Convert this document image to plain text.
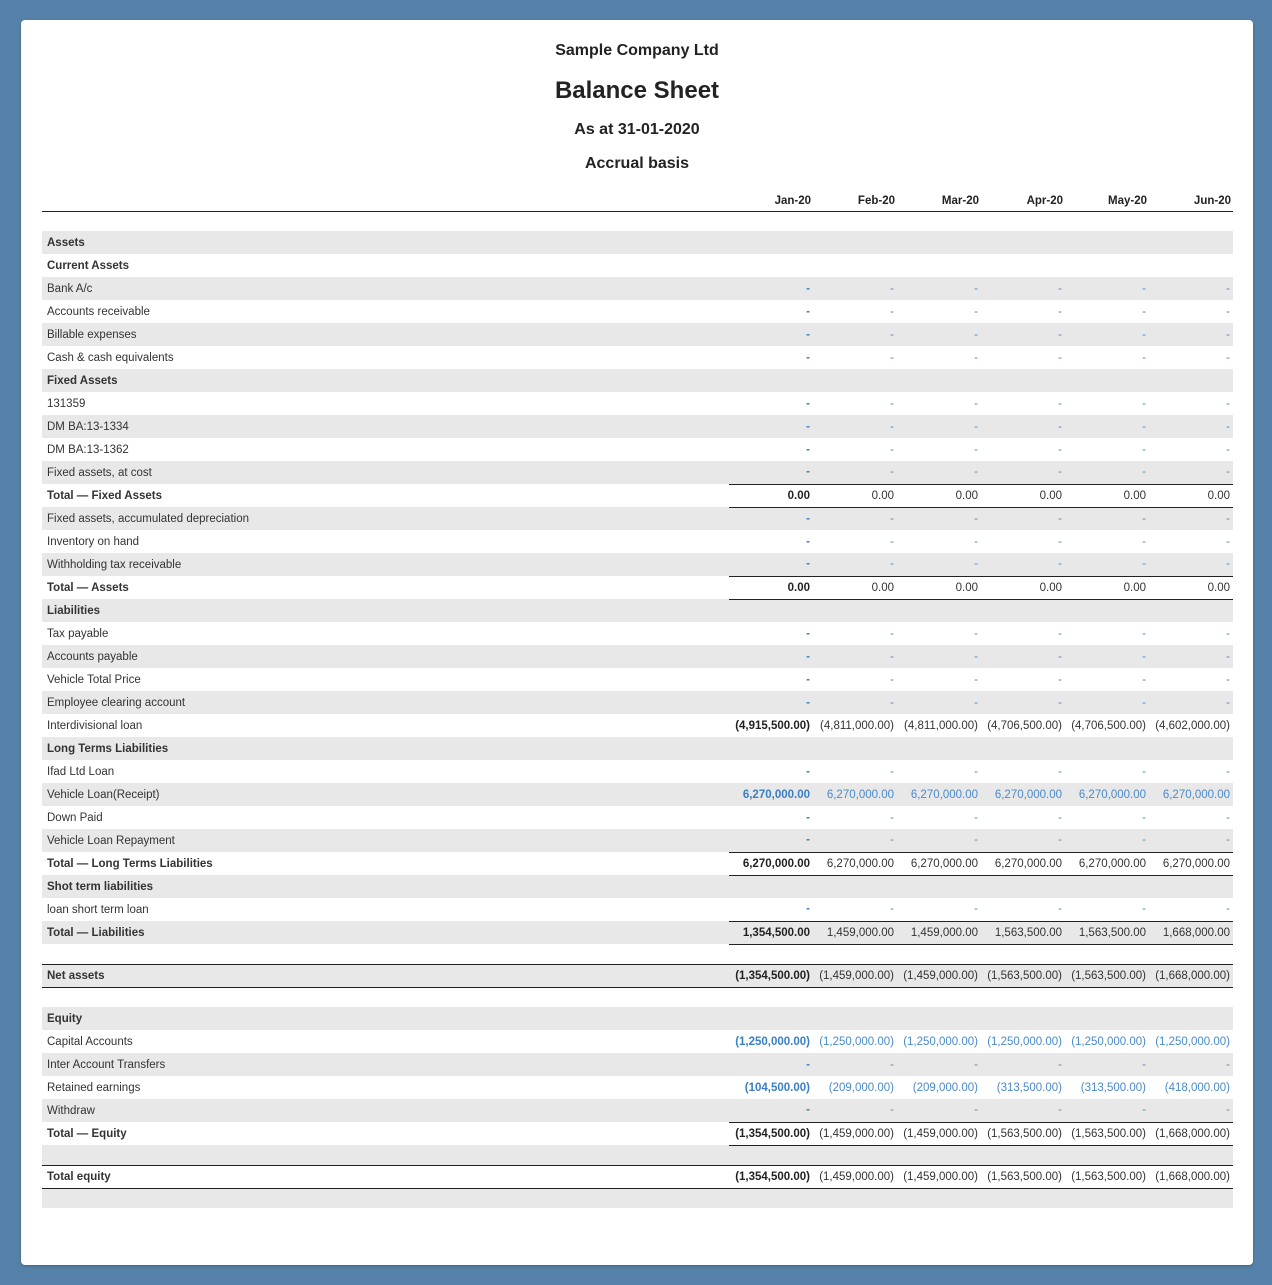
Sample Company Ltd
Balance Sheet
As at 31-01-2020
Accrual basis
	Jan-20	Feb-20	Mar-20	Apr-20	May-20	Jun-20

Assets						
Current Assets						
Bank A/c	-	-	-	-	-	-
Accounts receivable	-	-	-	-	-	-
Billable expenses	-	-	-	-	-	-
Cash & cash equivalents	-	-	-	-	-	-
Fixed Assets						
131359	-	-	-	-	-	-
DM BA:13-1334	-	-	-	-	-	-
DM BA:13-1362	-	-	-	-	-	-
Fixed assets, at cost	-	-	-	-	-	-
Total — Fixed Assets	0.00	0.00	0.00	0.00	0.00	0.00
Fixed assets, accumulated depreciation	-	-	-	-	-	-
Inventory on hand	-	-	-	-	-	-
Withholding tax receivable	-	-	-	-	-	-
Total — Assets	0.00	0.00	0.00	0.00	0.00	0.00
Liabilities						
Tax payable	-	-	-	-	-	-
Accounts payable	-	-	-	-	-	-
Vehicle Total Price	-	-	-	-	-	-
Employee clearing account	-	-	-	-	-	-
Interdivisional loan	(4,915,500.00)	(4,811,000.00)	(4,811,000.00)	(4,706,500.00)	(4,706,500.00)	(4,602,000.00)
Long Terms Liabilities						
Ifad Ltd Loan	-	-	-	-	-	-
Vehicle Loan(Receipt)	6,270,000.00	6,270,000.00	6,270,000.00	6,270,000.00	6,270,000.00	6,270,000.00
Down Paid	-	-	-	-	-	-
Vehicle Loan Repayment	-	-	-	-	-	-
Total — Long Terms Liabilities	6,270,000.00	6,270,000.00	6,270,000.00	6,270,000.00	6,270,000.00	6,270,000.00
Shot term liabilities						
loan short term loan	-	-	-	-	-	-
Total — Liabilities	1,354,500.00	1,459,000.00	1,459,000.00	1,563,500.00	1,563,500.00	1,668,000.00

Net assets	(1,354,500.00)	(1,459,000.00)	(1,459,000.00)	(1,563,500.00)	(1,563,500.00)	(1,668,000.00)

Equity						
Capital Accounts	(1,250,000.00)	(1,250,000.00)	(1,250,000.00)	(1,250,000.00)	(1,250,000.00)	(1,250,000.00)
Inter Account Transfers	-	-	-	-	-	-
Retained earnings	(104,500.00)	(209,000.00)	(209,000.00)	(313,500.00)	(313,500.00)	(418,000.00)
Withdraw	-	-	-	-	-	-
Total — Equity	(1,354,500.00)	(1,459,000.00)	(1,459,000.00)	(1,563,500.00)	(1,563,500.00)	(1,668,000.00)

Total equity	(1,354,500.00)	(1,459,000.00)	(1,459,000.00)	(1,563,500.00)	(1,563,500.00)	(1,668,000.00)
